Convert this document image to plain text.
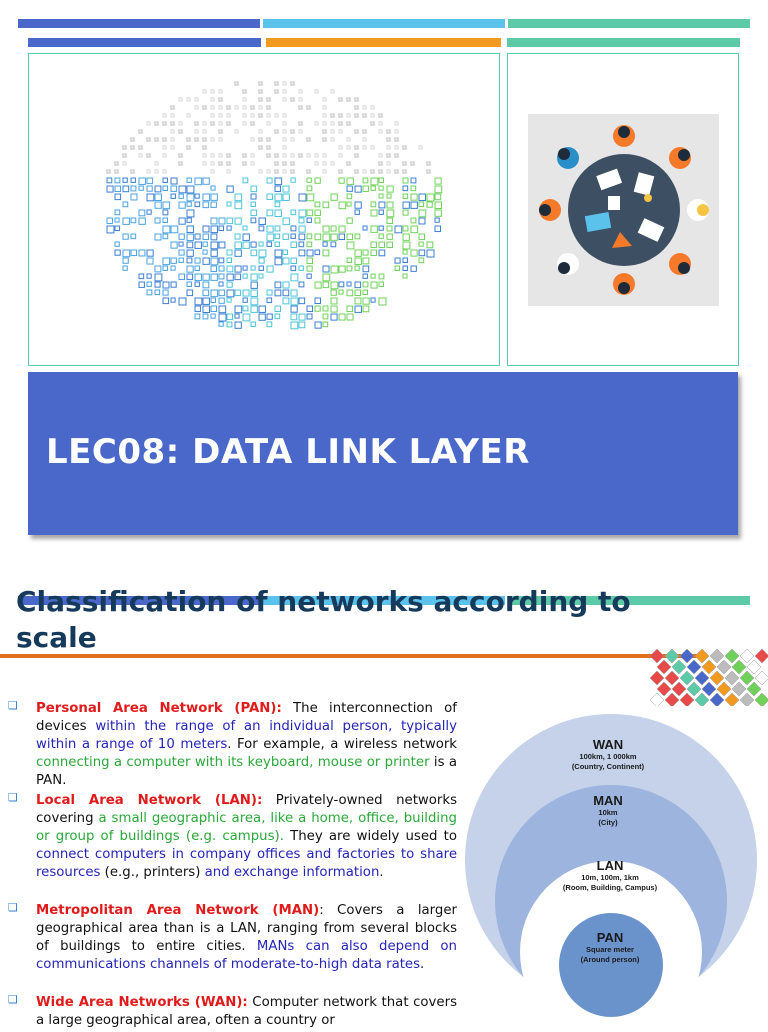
LEC08: DATA LINK LAYER
Classification of networks according to scale
❑
❑
❑
❑

Personal Area Network (PAN): The interconnection of devices within the range of an individual person, typically within a range of 10 meters. For example, a wireless network connecting a computer with its keyboard, mouse or printer is a PAN.

Local Area Network (LAN): Privately-owned networks covering a small geographic area, like a home, office, building or group of buildings (e.g. campus). They are widely used to connect computers in company offices and factories to share resources (e.g., printers) and exchange information.

Metropolitan Area Network (MAN): Covers a larger geographical area than is a LAN, ranging from several blocks of buildings to entire cities. MANs can also depend on communications channels of moderate-to-high data rates.

Wide Area Networks (WAN): Computer network that covers a large geographical area, often a country or

WAN
100km, 1 000km
(Country, Continent)
MAN
10km
(City)
LAN
10m, 100m, 1km
(Room, Building, Campus)
PAN
Square meter
(Around person)
